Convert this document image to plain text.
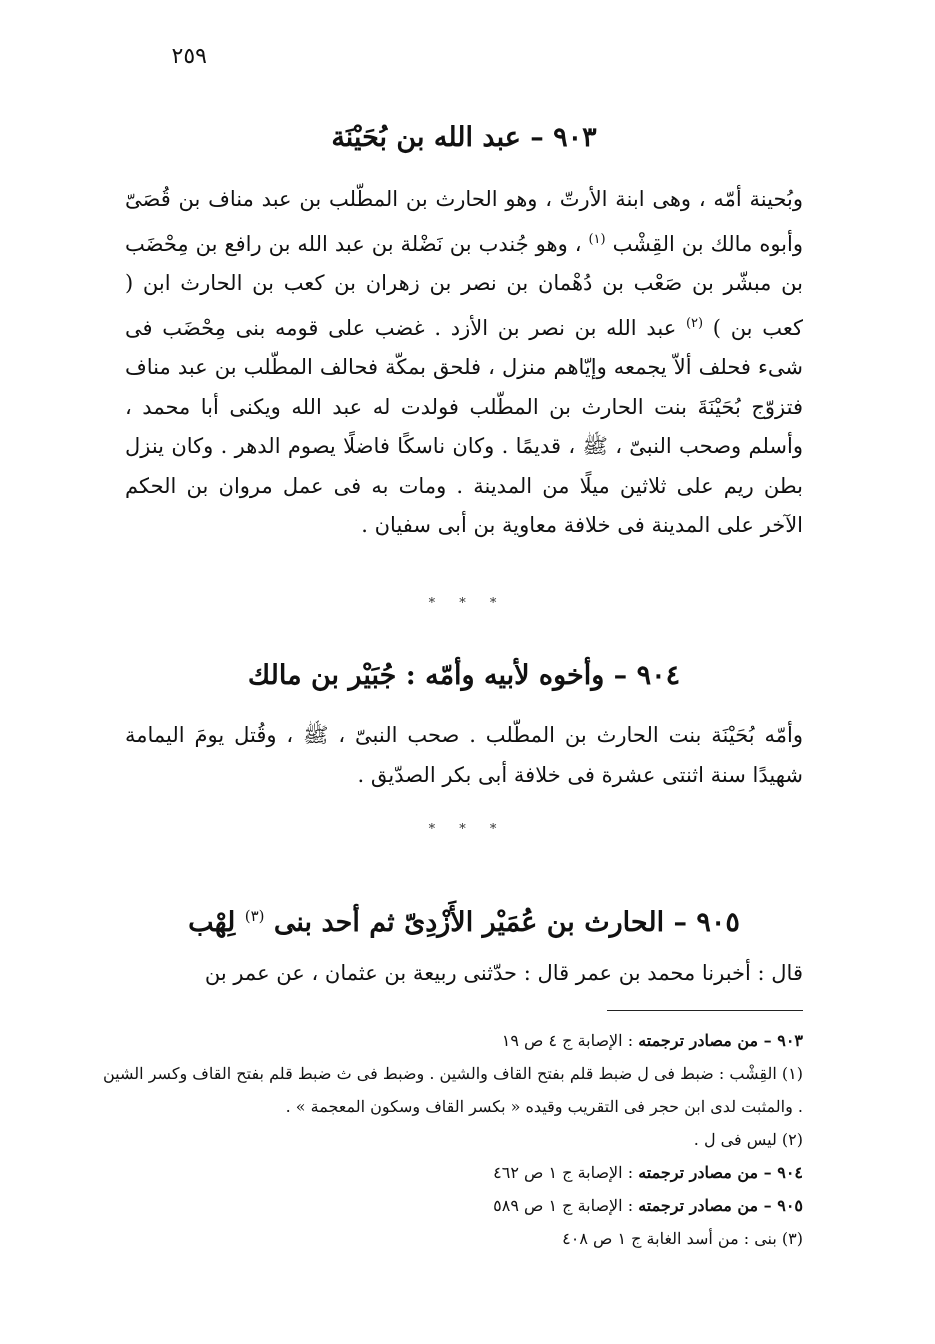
٢٥٩
٩٠٣ – عبد الله بن بُحَيْنَة

وبُحينة أمّه ، وهى ابنة الأرتّ ، وهو الحارث بن المطّلب بن عبد مناف بن قُصَىّ وأبوه مالك بن القِشْب $^{(١)}$ ، وهو جُندب بن نَضْلة بن عبد الله بن رافع بن مِحْضَب بن مبشّر بن صَعْب بن دُهْمان بن نصر بن زهران بن كعب بن الحارث ابن ( كعب بن ) $^{(٢)}$ عبد الله بن نصر بن الأزد . غضب على قومه بنى مِحْضَب فى شىء فحلف ألاّ يجمعه وإيّاهم منزل ، فلحق بمكّة فحالف المطّلب بن عبد مناف فتزوّج بُحَيْنَةَ بنت الحارث بن المطّلب فولدت له عبد الله ويكنى أبا محمد ، وأسلم وصحب النبىّ ، ﷺ ، قديمًا . وكان ناسكًا فاضلًا يصوم الدهر . وكان ينزل بطن ريم على ثلاثين ميلًا من المدينة . ومات به فى عمل مروان بن الحكم الآخر على المدينة فى خلافة معاوية بن أبى سفيان .

* * *
٩٠٤ – وأخوه لأبيه وأمّه : جُبَيْر بن مالك

وأمّه بُحَيْنَة بنت الحارث بن المطّلب . صحب النبىّ ، ﷺ ، وقُتل يومَ اليمامة شهيدًا سنة اثنتى عشرة فى خلافة أبى بكر الصدّيق .

* * *
٩٠٥ – الحارث بن عُمَيْر الأَزْدِىّ ثم أحد بنى $^{(٣)}$ لِهْب

قال : أخبرنا محمد بن عمر قال : حدّثنى ربيعة بن عثمان ، عن عمر بن

٩٠٣ – من مصادر ترجمته : الإصابة ج ٤ ص ١٩

(١) القِشْب : ضبط فى ل ضبط قلم بفتح القاف والشين . وضبط فى ث ضبط قلم بفتح القاف وكسر الشين . والمثبت لدى ابن حجر فى التقريب وقيده « بكسر القاف وسكون المعجمة » .

(٢) ليس فى ل .

٩٠٤ – من مصادر ترجمته : الإصابة ج ١ ص ٤٦٢

٩٠٥ – من مصادر ترجمته : الإصابة ج ١ ص ٥٨٩

(٣) بنى : من أسد الغابة ج ١ ص ٤٠٨
